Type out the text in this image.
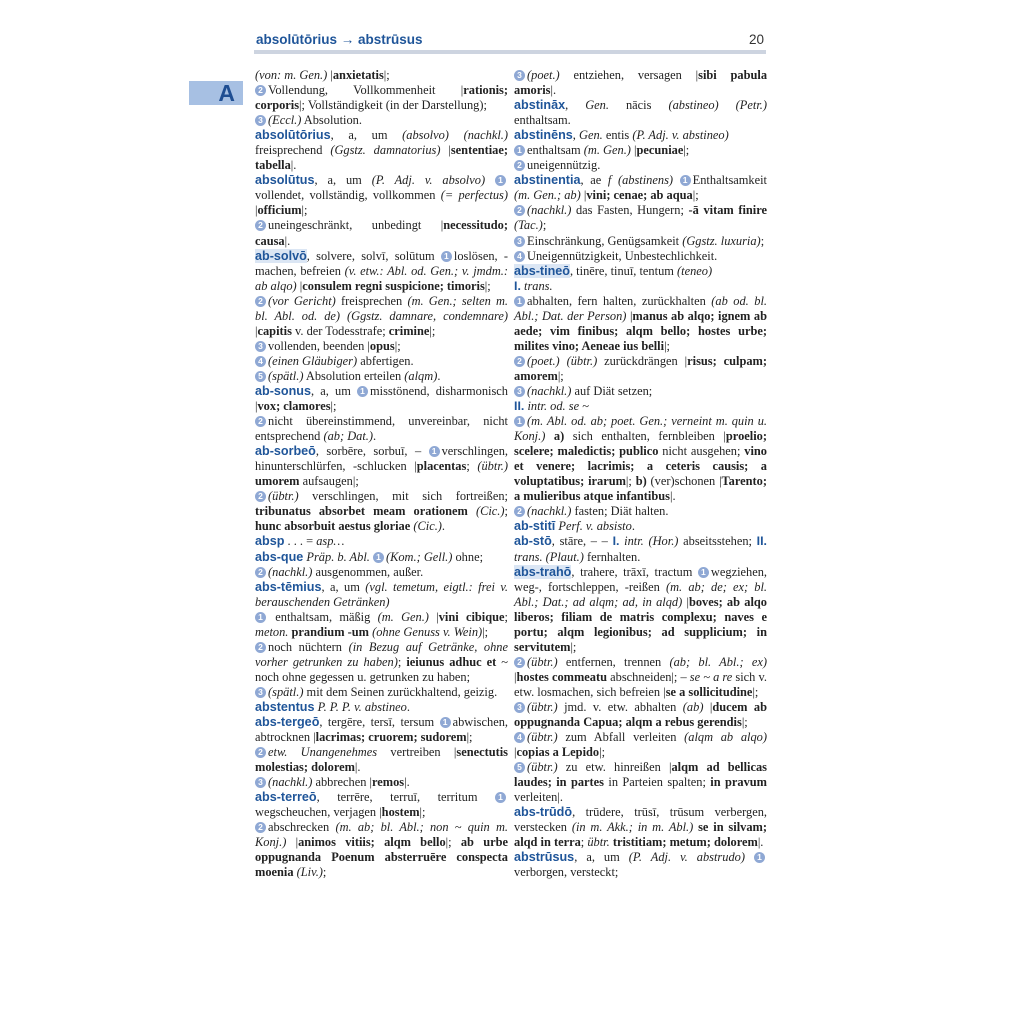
absolūtōrius → abstrūsus	20
A

(von: m. Gen.) |anxietatis|;

2 Vollendung, Vollkommenheit |rationis; corporis|; Vollständigkeit (in der Darstellung);

3 (Eccl.) Absolution.

absolūtōrius, a, um (absolvo) (nachkl.) freisprechend (Ggstz. damnatorius) |sententiae; tabella|.

absolūtus, a, um (P. Adj. v. absolvo) 1vollendet, vollständig, vollkommen (= perfectus) |officium|;

2 uneingeschränkt, unbedingt |necessitudo; causa|.

ab-solvō, solvere, solvī, solūtum 1 loslösen, -machen, befreien (v. etw.: Abl. od. Gen.; v. jmdm.: ab alqo) |consulem regni suspicione; timoris|;

2 (vor Gericht) freisprechen (m. Gen.; selten m. bl. Abl. od. de) (Ggstz. damnare, condemnare) |capitis v. der Todesstrafe; crimine|;

3 vollenden, beenden |opus|;

4 (einen Gläubiger) abfertigen.

5 (spätl.) Absolution erteilen (alqm).

ab-sonus, a, um 1 misstönend, disharmonisch |vox; clamores|;

2 nicht übereinstimmend, unvereinbar, nicht entsprechend (ab; Dat.).

ab-sorbeō, sorbēre, sorbuī, – 1 verschlingen, hinunterschlürfen, -schlucken |placentas; (übtr.) umorem aufsaugen|;

2 (übtr.) verschlingen, mit sich fortreißen; tribunatus absorbet meam orationem (Cic.); hunc absorbuit aestus gloriae (Cic.).

absp . . . = asp…

abs-que Präp. b. Abl. 1 (Kom.; Gell.) ohne;

2 (nachkl.) ausgenommen, außer.

abs-tēmius, a, um (vgl. temetum, eigtl.: frei v. berauschenden Getränken)

1 enthaltsam, mäßig (m. Gen.) |vini cibique; meton. prandium -um (ohne Genuss v. Wein)|;

2 noch nüchtern (in Bezug auf Getränke, ohne vorher getrunken zu haben); ieiunus adhuc et ~ noch ohne gegessen u. getrunken zu haben;

3 (spätl.) mit dem Seinen zurückhaltend, geizig.

abstentus P. P. P. v. abstineo.

abs-tergeō, tergēre, tersī, tersum 1 abwischen, abtrocknen |lacrimas; cruorem; sudorem|;

2 etw. Unangenehmes vertreiben |senectutis molestias; dolorem|.

3 (nachkl.) abbrechen |remos|.

abs-terreō, terrēre, terruī, territum 1wegscheuchen, verjagen |hostem|;

2 abschrecken (m. ab; bl. Abl.; non ~ quin m. Konj.) |animos vitiis; alqm bello|; ab urbe oppugnanda Poenum absterruēre conspecta moenia (Liv.);

3 (poet.) entziehen, versagen |sibi pabula amoris|.

abstināx, Gen. nācis (abstineo) (Petr.) enthaltsam.

abstinēns, Gen. entis (P. Adj. v. abstineo)

1 enthaltsam (m. Gen.) |pecuniae|;

2 uneigennützig.

abstinentia, ae f (abstinens) 1 Enthaltsamkeit (m. Gen.; ab) |vini; cenae; ab aqua|;

2 (nachkl.) das Fasten, Hungern; -ā vitam finire (Tac.);

3 Einschränkung, Genügsamkeit (Ggstz. luxuria);

4 Uneigennützigkeit, Unbestechlichkeit.

abs-tineō, tinēre, tinuī, tentum (teneo)

I. trans.

1 abhalten, fern halten, zurückhalten (ab od. bl. Abl.; Dat. der Person) |manus ab alqo; ignem ab aede; vim finibus; alqm bello; hostes urbe; milites vino; Aeneae ius belli|;

2 (poet.) (übtr.) zurückdrängen |risus; culpam; amorem|;

3 (nachkl.) auf Diät setzen;

II. intr. od. se ~

1 (m. Abl. od. ab; poet. Gen.; verneint m. quin u. Konj.) a) sich enthalten, fernbleiben |proelio; scelere; maledictis; publico nicht ausgehen; vino et venere; lacrimis; a ceteris causis; a voluptatibus; irarum|; b) (ver)schonen |Tarento; a mulieribus atque infantibus|.

2 (nachkl.) fasten; Diät halten.

ab-stitī Perf. v. absisto.

ab-stō, stāre, – – I. intr. (Hor.) abseitsstehen; II. trans. (Plaut.) fernhalten.

abs-trahō, trahere, trāxī, tractum 1 wegziehen, weg-, fortschleppen, -reißen (m. ab; de; ex; bl. Abl.; Dat.; ad alqm; ad, in alqd) |boves; ab alqo liberos; filiam de matris complexu; naves e portu; alqm legionibus; ad supplicium; in servitutem|;

2 (übtr.) entfernen, trennen (ab; bl. Abl.; ex) |hostes commeatu abschneiden|; – se ~ a re sich v. etw. losmachen, sich befreien |se a sollicitudine|;

3 (übtr.) jmd. v. etw. abhalten (ab) |ducem ab oppugnanda Capua; alqm a rebus gerendis|;

4 (übtr.) zum Abfall verleiten (alqm ab alqo) |copias a Lepido|;

5 (übtr.) zu etw. hinreißen |alqm ad bellicas laudes; in partes in Parteien spalten; in pravum verleiten|.

abs-trūdō, trūdere, trūsī, trūsum verbergen, verstecken (in m. Akk.; in m. Abl.) se in silvam; alqd in terra; übtr. tristitiam; metum; dolorem|.

abstrūsus, a, um (P. Adj. v. abstrudo) 1verborgen, versteckt;
